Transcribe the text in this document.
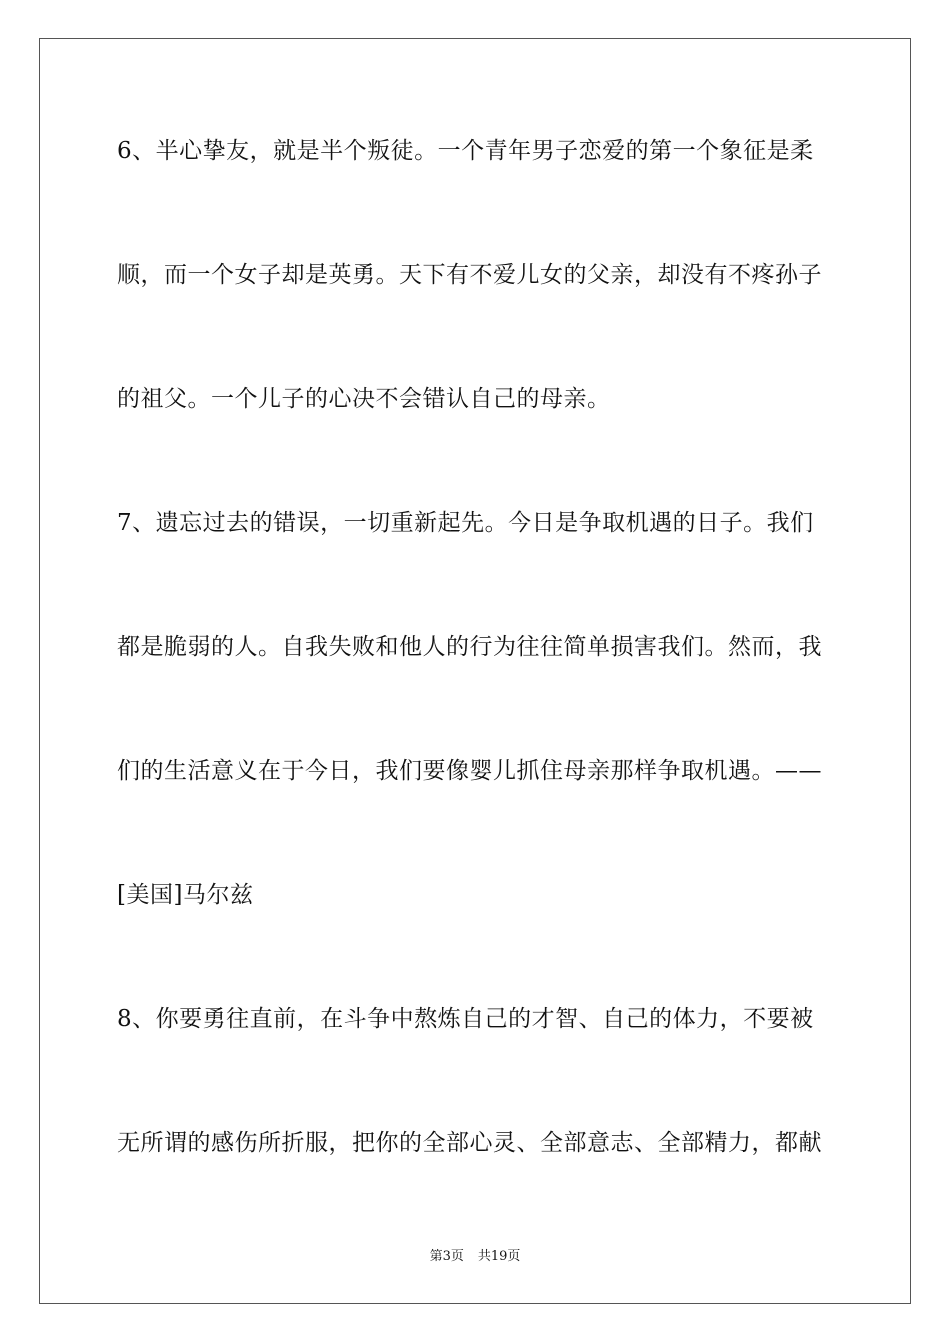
6、半心挚友，就是半个叛徒。一个青年男子恋爱的第一个象征是柔
顺，而一个女子却是英勇。天下有不爱儿女的父亲，却没有不疼孙子
的祖父。一个儿子的心决不会错认自己的母亲。
7、遗忘过去的错误，一切重新起先。今日是争取机遇的日子。我们
都是脆弱的人。自我失败和他人的行为往往简单损害我们。然而，我
们的生活意义在于今日，我们要像婴儿抓住母亲那样争取机遇。——
[美国]马尔兹
8、你要勇往直前，在斗争中熬炼自己的才智、自己的体力，不要被
无所谓的感伤所折服，把你的全部心灵、全部意志、全部精力，都献
第3页 共19页
